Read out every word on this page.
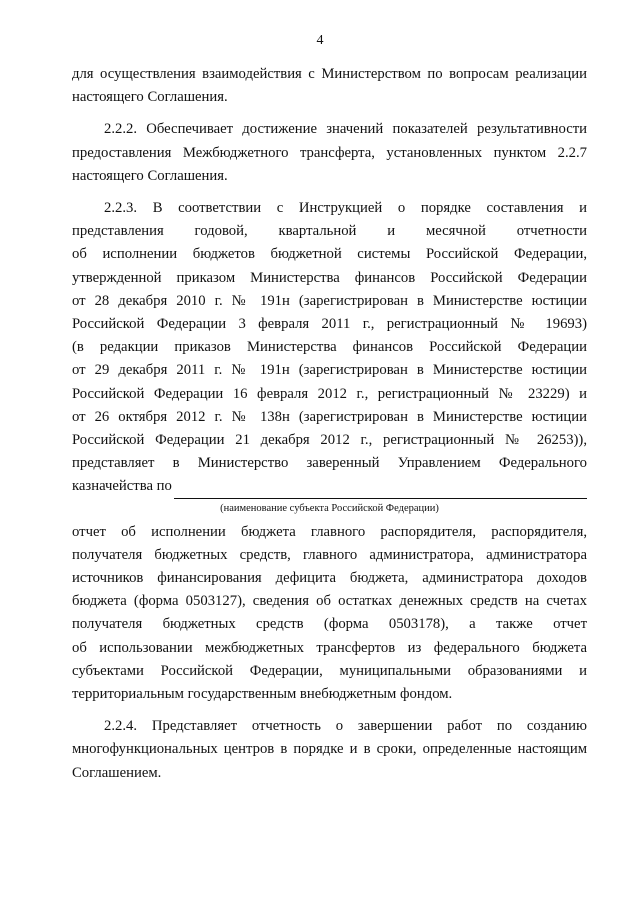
4

для осуществления взаимодействия с Министерством по вопросам реализации

настоящего Соглашения.

2.2.2. Обеспечивает достижение значений показателей результативности

предоставления Межбюджетного трансферта, установленных пунктом 2.2.7

настоящего Соглашения.

2.2.3. В соответствии с Инструкцией о порядке составления и

представления годовой, квартальной и месячной отчетности

об исполнении бюджетов бюджетной системы Российской Федерации,

утвержденной приказом Министерства финансов Российской Федерации

от 28 декабря 2010 г. № 191н (зарегистрирован в Министерстве юстиции

Российской Федерации 3 февраля 2011 г., регистрационный № 19693)

(в редакции приказов Министерства финансов Российской Федерации

от 29 декабря 2011 г. № 191н (зарегистрирован в Министерстве юстиции

Российской Федерации 16 февраля 2012 г., регистрационный № 23229) и

от 26 октября 2012 г. № 138н (зарегистрирован в Министерстве юстиции

Российской Федерации 21 декабря 2012 г., регистрационный № 26253)),

представляет в Министерство заверенный Управлением Федерального

казначейства по
(наименование субъекта Российской Федерации)

отчет об исполнении бюджета главного распорядителя, распорядителя,

получателя бюджетных средств, главного администратора, администратора

источников финансирования дефицита бюджета, администратора доходов

бюджета (форма 0503127), сведения об остатках денежных средств на счетах

получателя бюджетных средств (форма 0503178), а также отчет

об использовании межбюджетных трансфертов из федерального бюджета

субъектами Российской Федерации, муниципальными образованиями и

территориальным государственным внебюджетным фондом.

2.2.4. Представляет отчетность о завершении работ по созданию

многофункциональных центров в порядке и в сроки, определенные настоящим

Соглашением.
